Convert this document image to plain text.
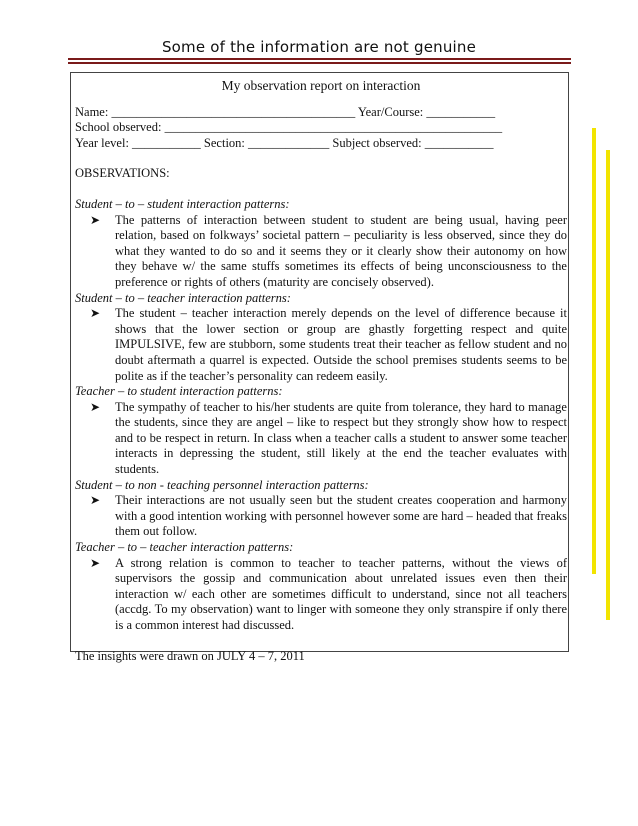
Some of the information are not genuine

My observation report on interaction

Name: _______________________________________ Year/Course: ___________

School observed: ______________________________________________________

Year level: ___________ Section: _____________ Subject observed: ___________

OBSERVATIONS:

Student – to – student interaction patterns:

➤	The patterns of interaction between student to student are being usual, having peer relation, based on folkways’ societal pattern – peculiarity is less observed, since they do what they wanted to do so and it seems they or it clearly show their autonomy on how they behave w/ the same stuffs sometimes its effects of being unconsciousness to the preference or rights of others (maturity are concisely observed).

Student – to – teacher interaction patterns:

➤	The student – teacher interaction merely depends on the level of difference because it shows that the lower section or group are ghastly forgetting respect and quite IMPULSIVE, few are stubborn, some students treat their teacher as fellow student and no doubt aftermath a quarrel is expected. Outside the school premises students seems to be polite as if the teacher’s personality can redeem easily.

Teacher – to student interaction patterns:

➤	The sympathy of teacher to his/her students are quite from tolerance, they hard to manage the students, since they are angel – like to respect but they strongly show how to respect and to be respect in return. In class when a teacher calls a student to answer some teacher interacts in depressing the student, still likely at the end the teacher evaluates with students.

Student – to non - teaching personnel interaction patterns:

➤	Their interactions are not usually seen but the student creates cooperation and harmony with a good intention working with personnel however some are hard – headed that freaks them out follow.

Teacher – to – teacher interaction patterns:

➤	A strong relation is common to teacher to teacher patterns, without the views of supervisors the gossip and communication about unrelated issues even then their interaction w/ each other are sometimes difficult to understand, since not all teachers (accdg. To my observation) want to linger with someone they only stranspire if only there is a common interest had discussed.

The insights were drawn on JULY 4 – 7, 2011
